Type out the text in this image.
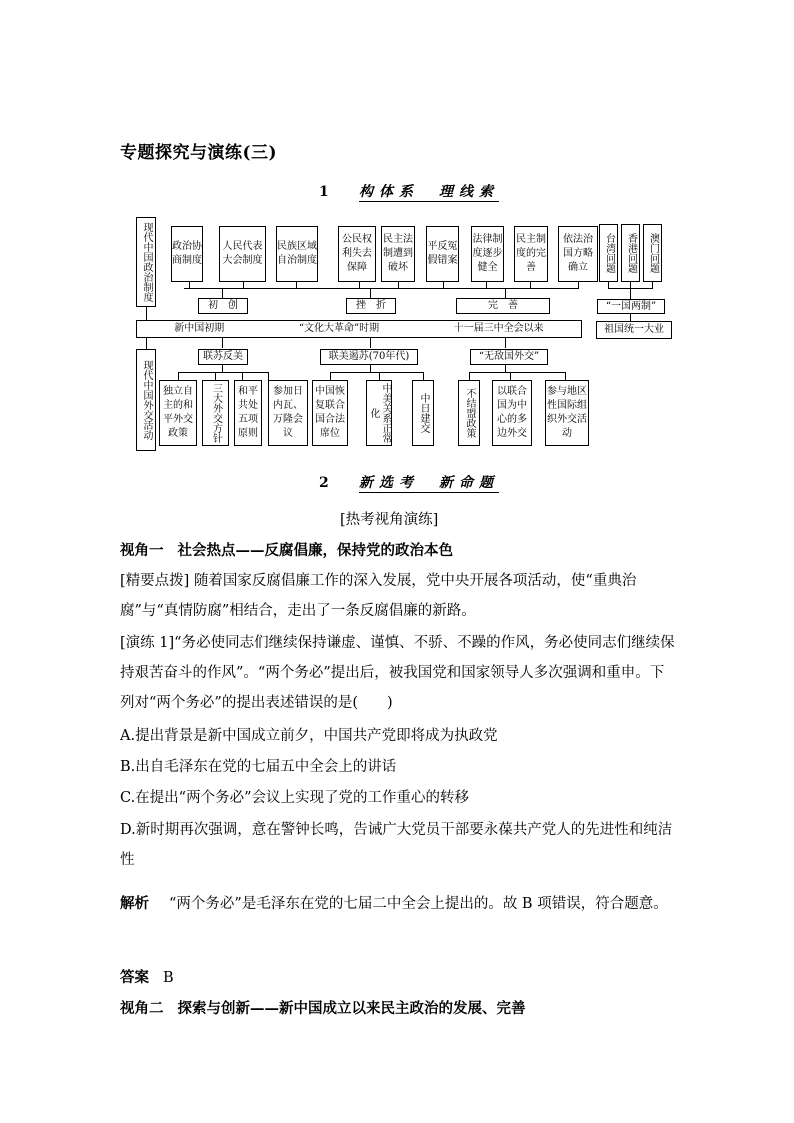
专题探究与演练(三)
1 构体系　理线索
现代中国政治制度	政治协商制度
人民代表大会制度
民族区域自治制度
公民权利失去保障
民主法制遭到破坏
平反冤假错案
法律制度逐步健全
民主制度的完善
依法治国方略确立	台湾问题	香港问题	澳门问题
初　创	挫　折	完　善	“一国两制”
祖国统一大业
新中国初期	“文化大革命”时期	十一届三中全会以来
现代中国外交活动
联苏反美	联美遏苏(70年代)	“无敌国外交”
独立自主的和平外交政策	三大外交方针	和平共处五项原则
参加日内瓦、万隆会议
中国恢复联合国合法席位	中美关系正常化	中日建交	不结盟政策	以联合国为中心的多边外交
参与地区性国际组织外交活动
2 新选考　新命题
[热考视角演练]
视角一 社会热点——反腐倡廉，保持党的政治本色
[精要点拨] 随着国家反腐倡廉工作的深入发展，党中央开展各项活动，使“重典治腐”与“真情防腐”相结合，走出了一条反腐倡廉的新路。
[演练 1]“务必使同志们继续保持谦虚、谨慎、不骄、不躁的作风，务必使同志们继续保持艰苦奋斗的作风”。“两个务必”提出后，被我国党和国家领导人多次强调和重申。下列对“两个务必”的提出表述错误的是(　　)
A.提出背景是新中国成立前夕，中国共产党即将成为执政党
B.出自毛泽东在党的七届五中全会上的讲话
C.在提出“两个务必”会议上实现了党的工作重心的转移
D.新时期再次强调，意在警钟长鸣，告诫广大党员干部要永葆共产党人的先进性和纯洁性
解析 “两个务必”是毛泽东在党的七届二中全会上提出的。故 B 项错误，符合题意。
答案 B
视角二 探索与创新——新中国成立以来民主政治的发展、完善
